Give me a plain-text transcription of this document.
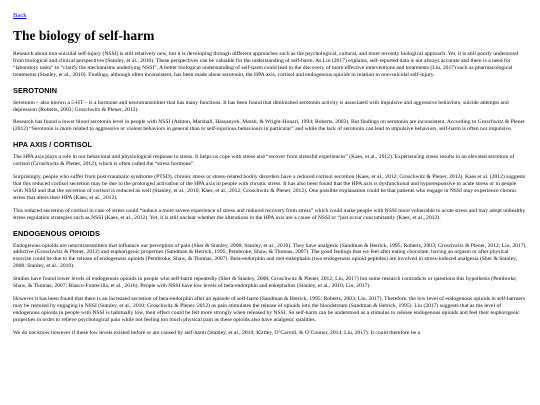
Back
The biology of self-harm

Research about non-suicidal self-injury (NSSI) is still relatively new, but it is developing through different approaches such as the psychological, cultural, and more recently biological approach. Yet, it is still poorly understood from biological and clinical perspectives (Stanley, et al., 2010). These perspectives can be valuable for the understanding of self-harm. As Liu (2017) explains, self-reported data is not always accurate and there is a need for “laboratory tasks” to “clarify the mechanisms underlying NSSI”. A better biological understanding of self-harm could lead to the discovery of more effective interventions and treatments (Liu, 2017) such as pharmacological treatments (Stanley, et al., 2010). Findings, although often inconsistent, has been made about serotonin, the HPA axis, cortisol and endogenous opioids in relation to non-suicidal self-injury.

SEROTONIN

Serotonin – also known a 5-HT – is a hormone and neurotransmitter that has many functions. It has been found that diminished serotonin activity is associated with impulsive and aggressive behaviors, suicide attempts and depression (Roberts, 2003; Groschwitz & Plener, 2012).

Research has found a lower blood serotonin level in people with NSSI (Ashton, Marshall, Hassanyeh, Marsh, & Wright-Honari, 1994; Roberts, 2003). But findings on serotonin are inconsistent. According to Groschwitz & Plener (2012) “Serotonin is more related to aggressive or violent behaviors in general than to self-injurious behaviours in particular” and while the lack of serotonin can lead to impulsive behaviors, self-harm is often not impulsive.

HPA AXIS / CORTISOL

The HPA axis plays a role in our behavioral and physiological response to stress. It helps us cope with stress and “recover from stressful experiences” (Kaes, et al., 2012). Experiencing stress results in an elevated secretion of cortisol (Groschwitz & Plener, 2012), which is often called the “stress hormone”.

Surprisingly, people who suffer from post-traumatic syndrome (PTSD), chronic stress or stress-related bodily disorders have a reduced cortisol secretion (Kaes, et al., 2012; Groschwitz & Plener, 2012). Kaes et al. (2012) suggests that this reduced cortisol secretion may be due to the prolonged activation of the HPA axis in people with chronic stress. It has also been found that the HPA axis is dysfunctional and hyporesponsive to acute stress or in people with NSSI and that the secretion of cortisol is reduced as well (Stanley, et al., 2010; Kaes, et al., 2012; Groschwitz & Plener, 2012). One possible explanation could be that patients who engage in NSSI may experience chronic stress that alters their HPA (Kaes, et al., 2012).

This reduced secretion of cortisol in case of stress could “induce a more severe experience of stress and reduced recovery from stress” which could make people with NSSI more vulnerable to acute stress and may adopt unhealthy stress regulation strategies such as NSSI (Kaes, et al., 2012). Yet, it is still unclear whether the alterations in the HPA axis are a cause of NSSI or “just occur concomitantly (Kaes, et al., 2012).

ENDOGENOUS OPIOIDS

Endogenous opioids are neurotransmitters that influence our perception of pain (Sher & Stanley, 2008; Stanley, et al., 2010). They have analgesic (Sandman & Hetrick, 1995; Roberts, 2003; Groschwitz & Plener, 2012; Liu, 2017), addictive (Groschwitz & Plener, 2012) and euphorigenic properties (Sandman & Hetrick, 1995; Pembroke, Shaw, & Thomas, 2007). The good feelings that we feel after eating chocolate, having an orgasm or after physical exercise could be due to the release of endogenous opioids (Pembroke, Shaw, & Thomas, 2007). Beta-endorphin and met-enkephalin (two endogenous opioid peptides) are involved in stress-induced analgesia (Sher & Stanley, 2008; Stanley, et al., 2010).

Studies have found lower levels of endogenous opioids in people who self-harm repeatedly (Sher & Stanley, 2008; Groschwitz & Plener, 2012; Liu, 2017) but some research contradicts or questions this hypothesis (Pembroke, Shaw, & Thomas, 2007; Blasco-Fontecilla, et al., 2016). People with NSSI have low levels of beta-endorphin and enkephalins (Stanley, et al., 2010; Liu, 2017).

However it has been found that there is an increased secretion of beta-endorphin after an episode of self-harm (Sandman & Hetrick, 1995; Roberts, 2003; Liu, 2017). Therefore, the low level of endogenous opioids in self-harmers may be restored by engaging in NSSI (Stanley, et al., 2010; Groschwitz & Plener, 2012) as pain stimulates the release of opioids into the bloodstream (Sandman & Hetrick, 1995). Liu (2017) suggests that as the level of endogenous opioids in people with NSSI is habitually low, their effect could be felt more strongly when released by NSSI. So self-harm can be understood as a stimulus to release endogenous opioids and feel their euphorigenic properties in order to relieve psychological pain while not feeling too much physical pain as these opioids also have analgesic qualities.

We do not know however if these low levels existed before or are caused by self-harm (Stanley, et al., 2010; Kirtley, O’Carroll, & O’Connor, 2014; Liu, 2017). It could therefore be a
